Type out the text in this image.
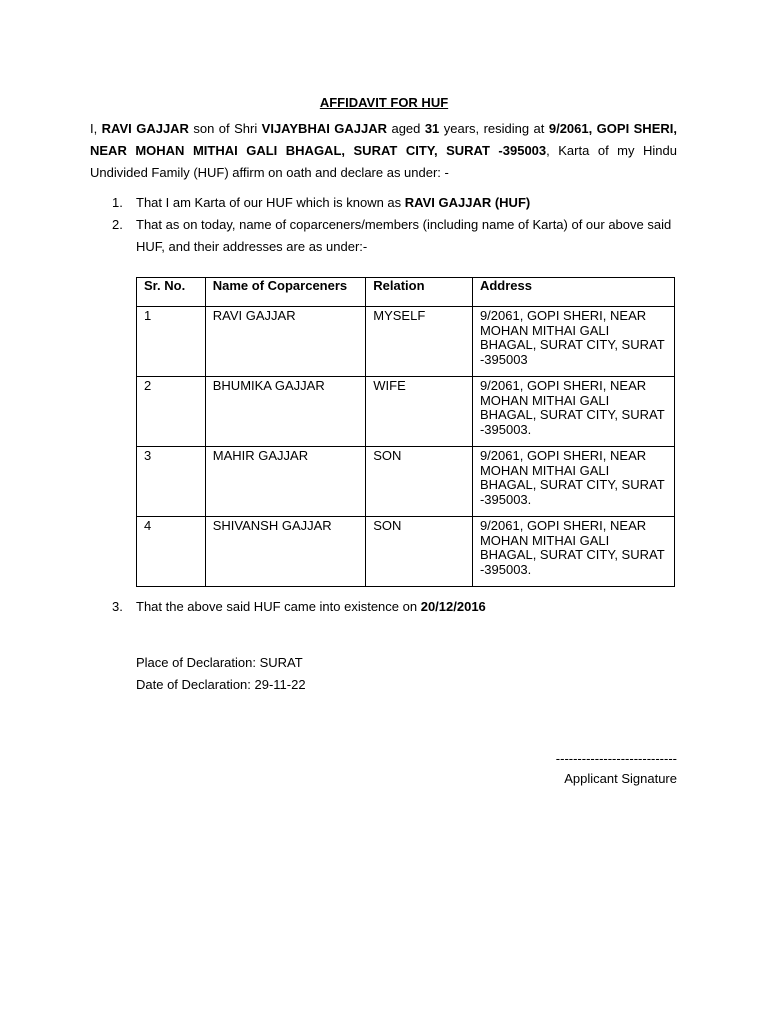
AFFIDAVIT FOR HUF
I, RAVI GAJJAR son of Shri VIJAYBHAI GAJJAR aged 31 years, residing at 9/2061, GOPI SHERI, NEAR MOHAN MITHAI GALI BHAGAL, SURAT CITY, SURAT -395003, Karta of my Hindu Undivided Family (HUF) affirm on oath and declare as under: -
1. That I am Karta of our HUF which is known as RAVI GAJJAR (HUF)
2. That as on today, name of coparceners/members (including name of Karta) of our above said HUF, and their addresses are as under:-
Sr. No.	Name of Coparceners	Relation	Address
1	RAVI GAJJAR	MYSELF	9/2061, GOPI SHERI, NEAR MOHAN MITHAI GALI BHAGAL, SURAT CITY, SURAT -395003
2	BHUMIKA GAJJAR	WIFE	9/2061, GOPI SHERI, NEAR MOHAN MITHAI GALI BHAGAL, SURAT CITY, SURAT -395003.
3	MAHIR GAJJAR	SON	9/2061, GOPI SHERI, NEAR MOHAN MITHAI GALI BHAGAL, SURAT CITY, SURAT -395003.
4	SHIVANSH GAJJAR	SON	9/2061, GOPI SHERI, NEAR MOHAN MITHAI GALI BHAGAL, SURAT CITY, SURAT -395003.
3. That the above said HUF came into existence on 20/12/2016
Place of Declaration: SURAT
Date of Declaration: 29-11-22
----------------------------
Applicant Signature
